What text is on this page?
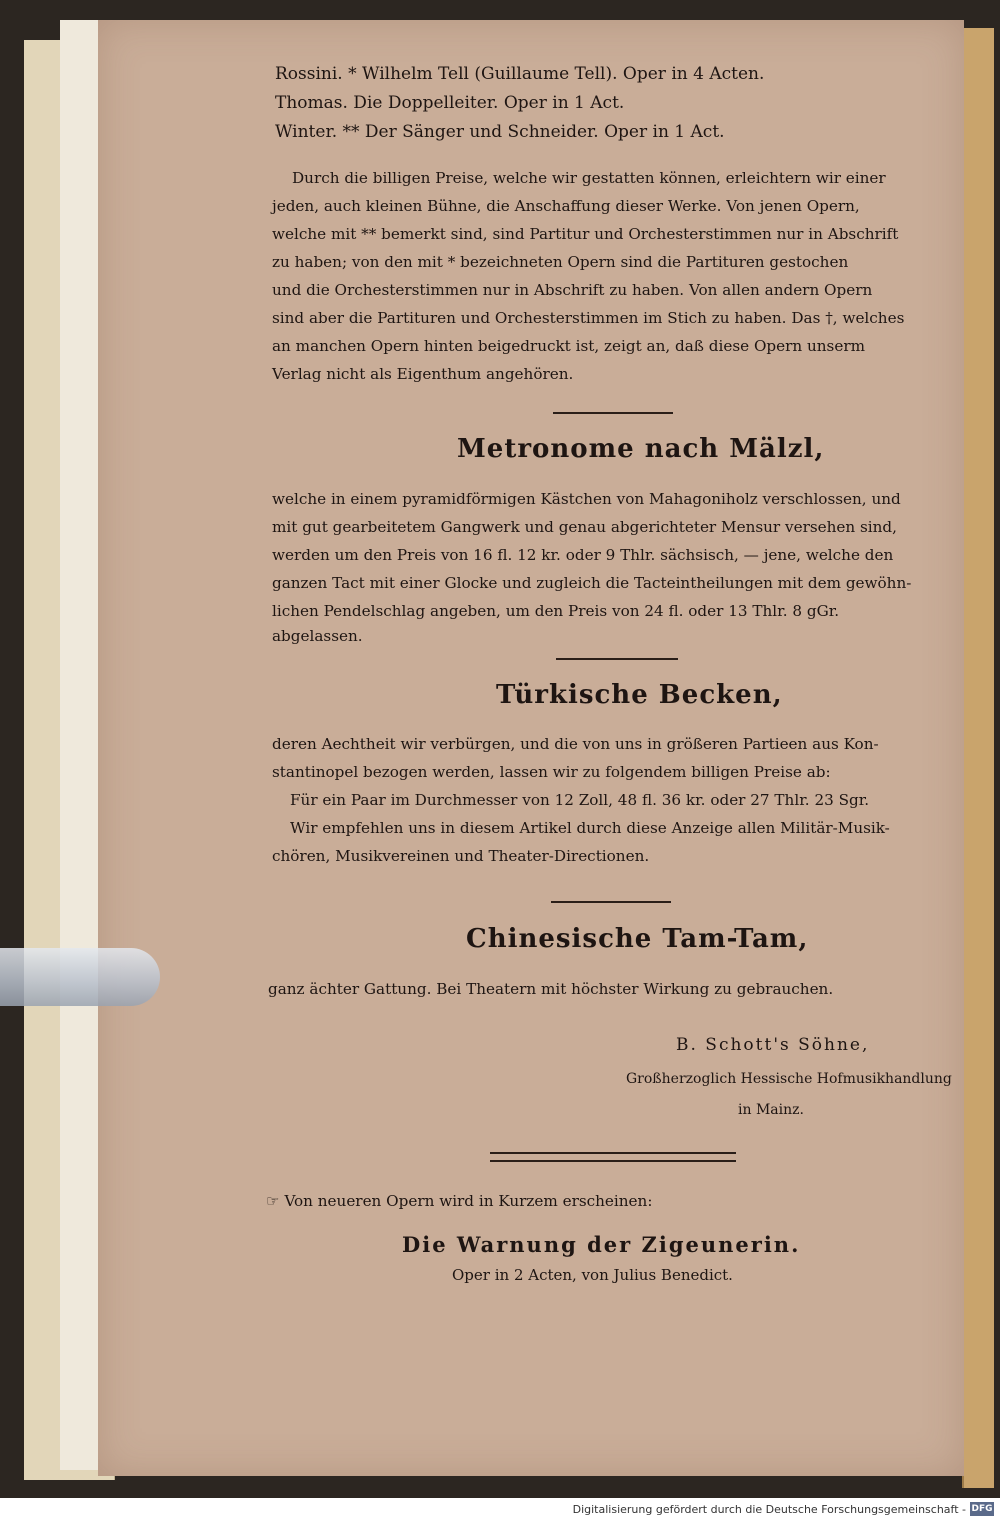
Rossini. * Wilhelm Tell (Guillaume Tell). Oper in 4 Acten.
Thomas. Die Doppelleiter. Oper in 1 Act.
Winter. ** Der Sänger und Schneider. Oper in 1 Act.
Durch die billigen Preise, welche wir gestatten können, erleichtern wir einer
jeden, auch kleinen Bühne, die Anschaffung dieser Werke. Von jenen Opern,
welche mit ** bemerkt sind, sind Partitur und Orchesterstimmen nur in Abschrift
zu haben; von den mit * bezeichneten Opern sind die Partituren gestochen
und die Orchesterstimmen nur in Abschrift zu haben. Von allen andern Opern
sind aber die Partituren und Orchesterstimmen im Stich zu haben. Das †, welches
an manchen Opern hinten beigedruckt ist, zeigt an, daß diese Opern unserm
Verlag nicht als Eigenthum angehören.
Metronome nach Mälzl,
welche in einem pyramidförmigen Kästchen von Mahagoniholz verschlossen, und
mit gut gearbeitetem Gangwerk und genau abgerichteter Mensur versehen sind,
werden um den Preis von 16 fl. 12 kr. oder 9 Thlr. sächsisch, — jene, welche den
ganzen Tact mit einer Glocke und zugleich die Tacteintheilungen mit dem gewöhn-
lichen Pendelschlag angeben, um den Preis von 24 fl. oder 13 Thlr. 8 gGr.
abgelassen.
Türkische Becken,
deren Aechtheit wir verbürgen, und die von uns in größeren Partieen aus Kon-
stantinopel bezogen werden, lassen wir zu folgendem billigen Preise ab:
Für ein Paar im Durchmesser von 12 Zoll, 48 fl. 36 kr. oder 27 Thlr. 23 Sgr.
Wir empfehlen uns in diesem Artikel durch diese Anzeige allen Militär-Musik-
chören, Musikvereinen und Theater-Directionen.
Chinesische Tam-Tam,
ganz ächter Gattung. Bei Theatern mit höchster Wirkung zu gebrauchen.
B. Schott's Söhne,
Großherzoglich Hessische Hofmusikhandlung
in Mainz.
☞ Von neueren Opern wird in Kurzem erscheinen:
Die Warnung der Zigeunerin.
Oper in 2 Acten, von Julius Benedict.
Digitalisierung gefördert durch die Deutsche Forschungsgemeinschaft - DFG
